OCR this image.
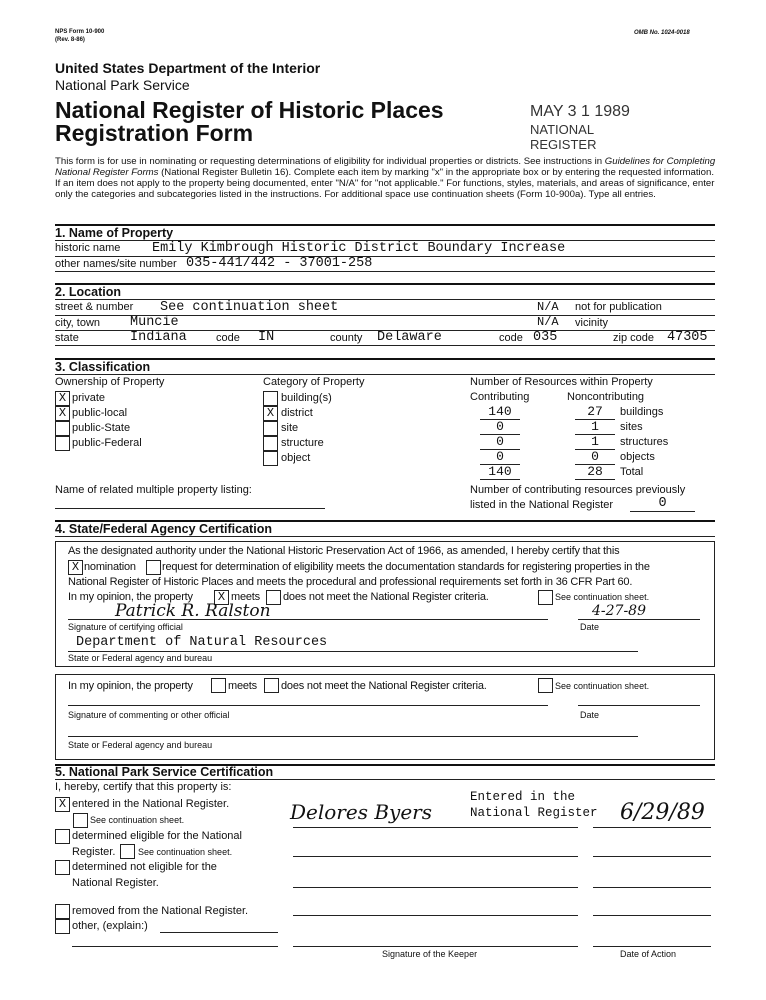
NPS Form 10-900
(Rev. 8-86)
OMB No. 1024-0018
United States Department of the Interior
National Park Service
National Register of Historic Places
Registration Form
MAY 3 1 1989
NATIONAL
REGISTER
This form is for use in nominating or requesting determinations of eligibility for individual properties or districts. See instructions in Guidelines for Completing National Register Forms (National Register Bulletin 16). Complete each item by marking "x" in the appropriate box or by entering the requested information. If an item does not apply to the property being documented, enter "N/A" for "not applicable." For functions, styles, materials, and areas of significance, enter only the categories and subcategories listed in the instructions. For additional space use continuation sheets (Form 10-900a). Type all entries.
1. Name of Property
historic name Emily Kimbrough Historic District Boundary Increase
other names/site number 035-441/442 - 37001-258
2. Location
street & number See continuation sheet	N/A not for publication
city, town Muncie	N/A vicinity
state	Indiana	code IN	county Delaware	code 035	zip code 47305
3. Classification
Ownership of Property	Category of Property	Number of Resources within Property
Contributing	Noncontributing
X private
X public-local
public-State
public-Federal
building(s)
X district
site
structure
object
140	27	buildings
0	1	sites
0	1	structures
0	0	objects
140	28	Total
Name of related multiple property listing:	Number of contributing resources previously
listed in the National Register	0
4. State/Federal Agency Certification
As the designated authority under the National Historic Preservation Act of 1966, as amended, I hereby certify that this
X nomination request for determination of eligibility meets the documentation standards for registering properties in the
National Register of Historic Places and meets the procedural and professional requirements set forth in 36 CFR Part 60.
In my opinion, the property	X meets does not meet the National Register criteria.	See continuation sheet.
Patrick R. Ralston	4-27-89
Signature of certifying official	Date
Department of Natural Resources
State or Federal agency and bureau
In my opinion, the property	meets does not meet the National Register criteria.	See continuation sheet.
Signature of commenting or other official	Date
State or Federal agency and bureau
5. National Park Service Certification
I, hereby, certify that this property is:
X entered in the National Register.
See continuation sheet.
determined eligible for the National
Register.	See continuation sheet.
determined not eligible for the
National Register.
removed from the National Register.
other, (explain:)
Delores Byers
Entered in the
National Register 6/29/89
Signature of the Keeper	Date of Action
